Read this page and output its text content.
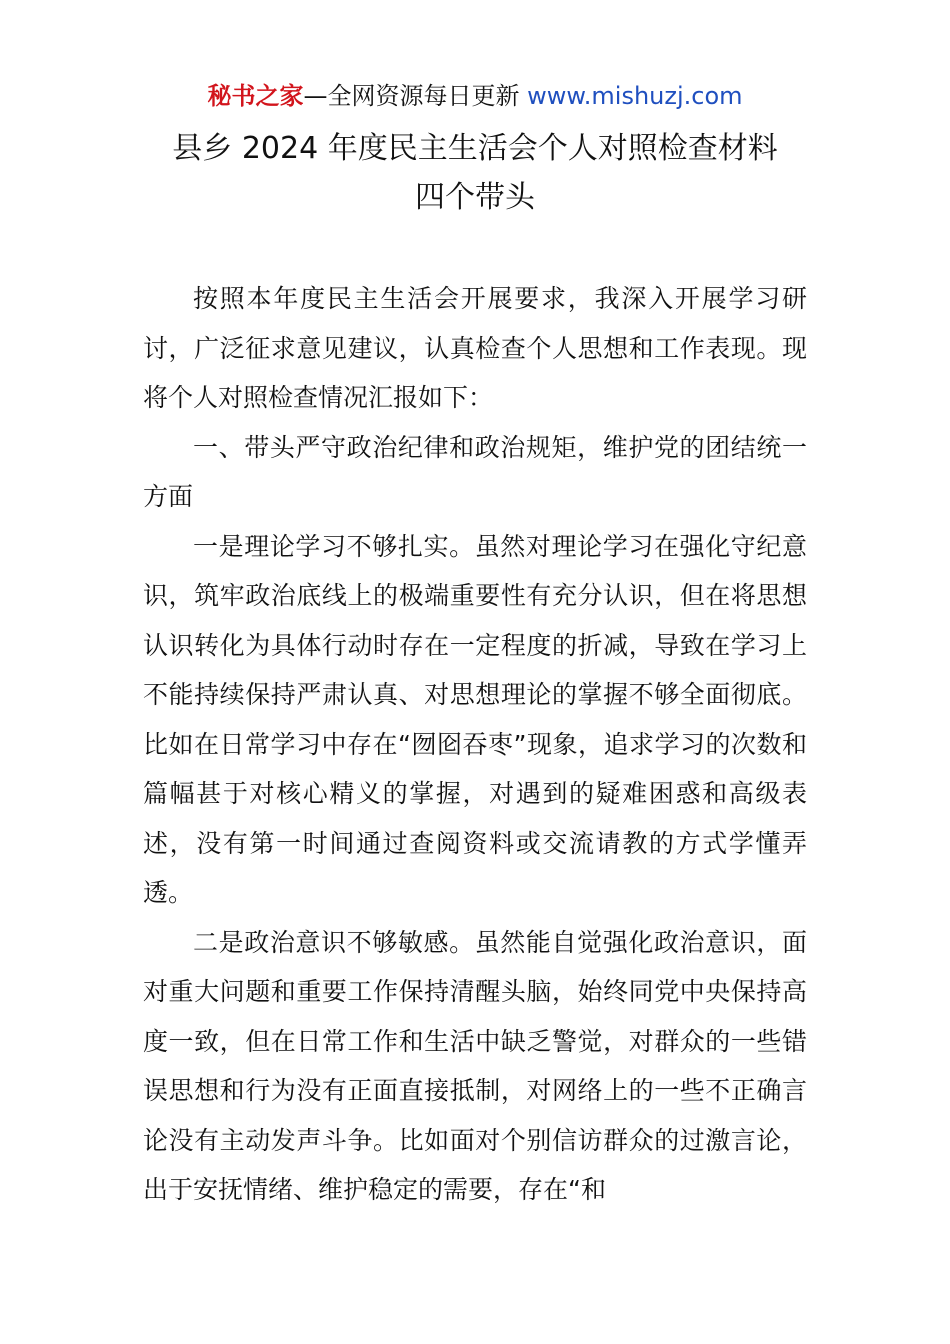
秘书之家—全网资源每日更新 www.mishuzj.com
县乡 2024 年度民主生活会个人对照检查材料
四个带头

按照本年度民主生活会开展要求，我深入开展学习研讨，广泛征求意见建议，认真检查个人思想和工作表现。现将个人对照检查情况汇报如下：

一、带头严守政治纪律和政治规矩，维护党的团结统一方面

一是理论学习不够扎实。虽然对理论学习在强化守纪意识，筑牢政治底线上的极端重要性有充分认识，但在将思想认识转化为具体行动时存在一定程度的折减，导致在学习上不能持续保持严肃认真、对思想理论的掌握不够全面彻底。比如在日常学习中存在“囫囵吞枣”现象，追求学习的次数和篇幅甚于对核心精义的掌握，对遇到的疑难困惑和高级表述，没有第一时间通过查阅资料或交流请教的方式学懂弄透。

二是政治意识不够敏感。虽然能自觉强化政治意识，面对重大问题和重要工作保持清醒头脑，始终同党中央保持高度一致，但在日常工作和生活中缺乏警觉，对群众的一些错误思想和行为没有正面直接抵制，对网络上的一些不正确言论没有主动发声斗争。比如面对个别信访群众的过激言论，出于安抚情绪、维护稳定的需要，存在“和
